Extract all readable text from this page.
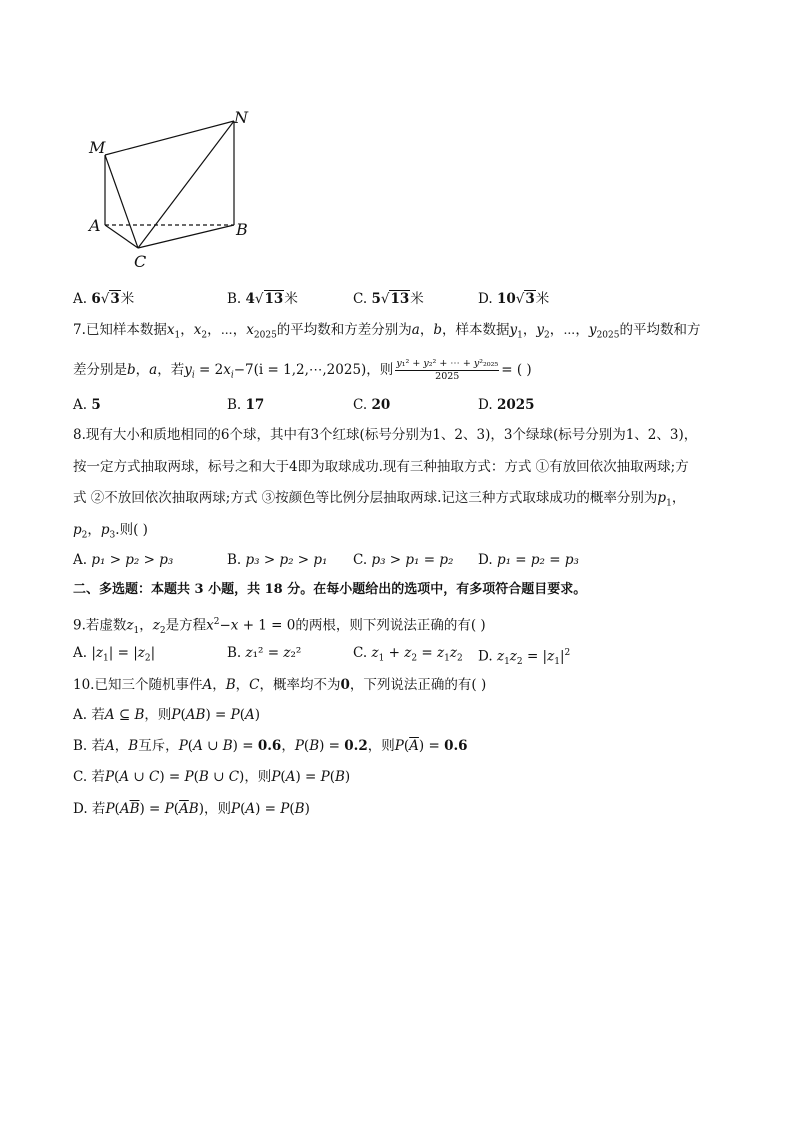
M
N
A	B
C
A. 6√3米	B. 4√13米	C. 5√13米	D. 10√3米
7.已知样本数据$x_1$，$x_2$，⋯，$x_{2025}$的平均数和方差分别为a，b，样本数据$y_1$，$y_2$，⋯，$y_{2025}$的平均数和方
差分别是b，a，若$y_i = 2x_i-7(i$ = 1,2,⋯,2025)，则 $\frac{\text{y₁² + y₂² + ⋯ + y²₂₀₂₅}}{2025}$ = ( )
A. 5	B. 17	C. 20	D. 2025
8.现有大小和质地相同的6个球，其中有3个红球(标号分别为1、2、3)，3个绿球(标号分别为1、2、3)，
按一定方式抽取两球，标号之和大于4即为取球成功.现有三种抽取方式：方式 ①有放回依次抽取两球;方
式 ②不放回依次抽取两球;方式 ③按颜色等比例分层抽取两球.记这三种方式取球成功的概率分别为$p_1$，
$p_2$，$p_3$.则( )
A. p₁ > p₂ > p₃	B. p₃ > p₂ > p₁ C. p₃ > p₁ = p₂ D. p₁ = p₂ = p₃
二、多选题：本题共 3 小题，共 18 分。在每小题给出的选项中，有多项符合题目要求。
9.若虚数$z_1$，$z_2$是方程$x^2-x + 1 = 0$的两根，则下列说法正确的有( )
A. $|z_1| = |z_2|$	B. z₁² = z₂²	C. $z_1 + z_2 = z_1z_2$ D. $z_1z_2 = |z_1|^2$
10.已知三个随机事件A，B，C，概率均不为0，下列说法正确的有( )
A. 若A ⊆ B，则P(AB) = P(A)
B. 若A，B互斥，P(A ∪ B) = 0.6，P(B) = 0.2，则$P(\overline{A}) = 0.6$
C. 若P(A ∪ C) = P(B ∪ C)，则P(A) = P(B)
D. 若$P(A\overline{B}) = P(\overline{A}B)$，则P(A) = P(B)
